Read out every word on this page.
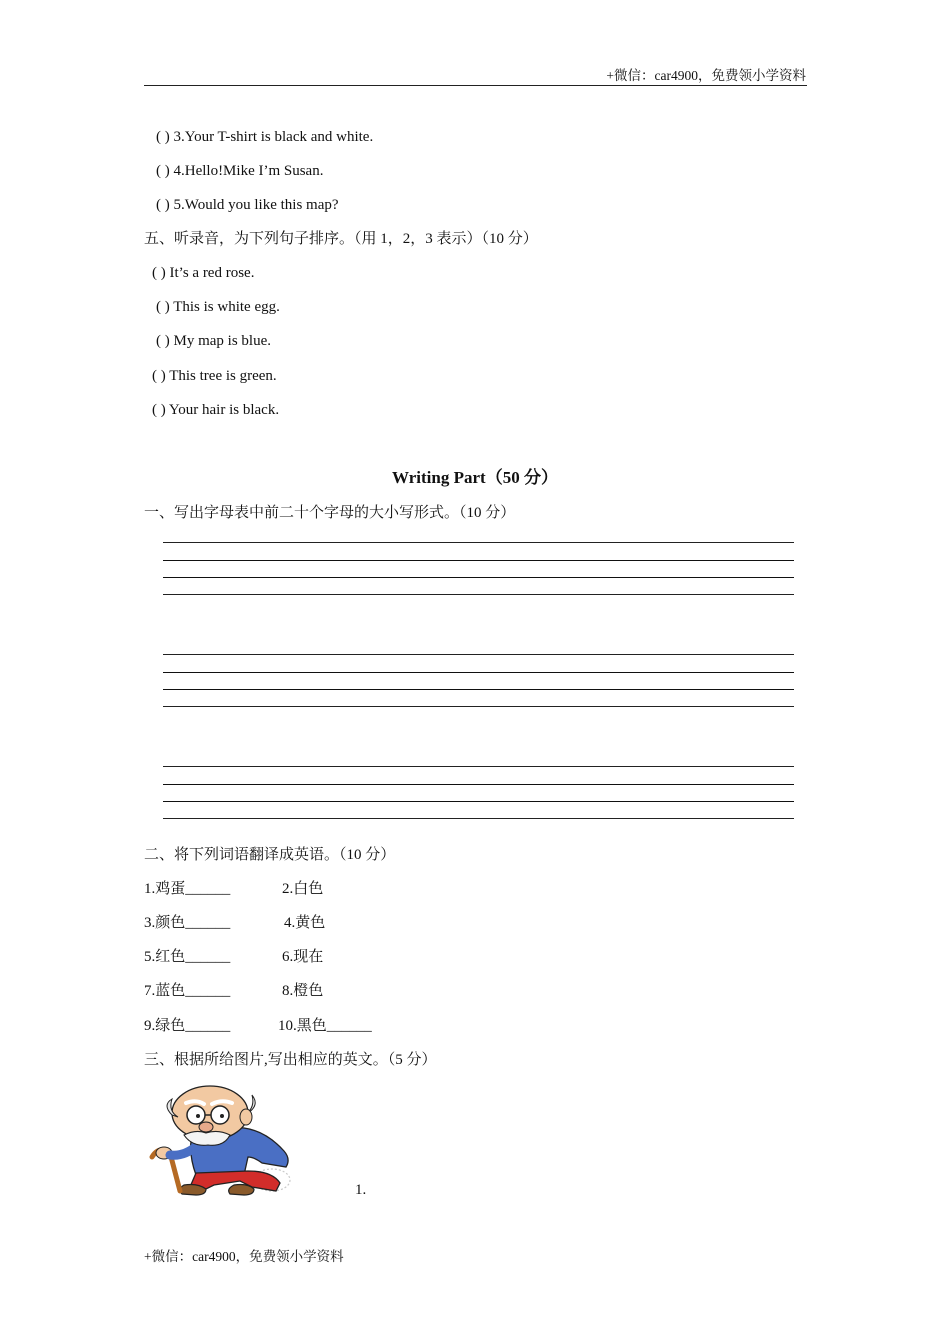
+微信：car4900，免费领小学资料
( ) 3.Your T-shirt is black and white.
( ) 4.Hello!Mike I’m Susan.
( ) 5.Would you like this map?
五、听录音，为下列句子排序。（用 1，2，3 表示）（10 分）
( ) It’s a red rose.
( ) This is white egg.
( ) My map is blue.
( ) This tree is green.
( ) Your hair is black.
Writing Part（50 分）
一、写出字母表中前二十个字母的大小写形式。（10 分）
二、将下列词语翻译成英语。（10 分）
1.鸡蛋______	2.白色
3.颜色______	4.黄色
5.红色______	6.现在
7.蓝色______	8.橙色
9.绿色______	10.黑色______
三、根据所给图片,写出相应的英文。（5 分）
1.
+微信：car4900，免费领小学资料
